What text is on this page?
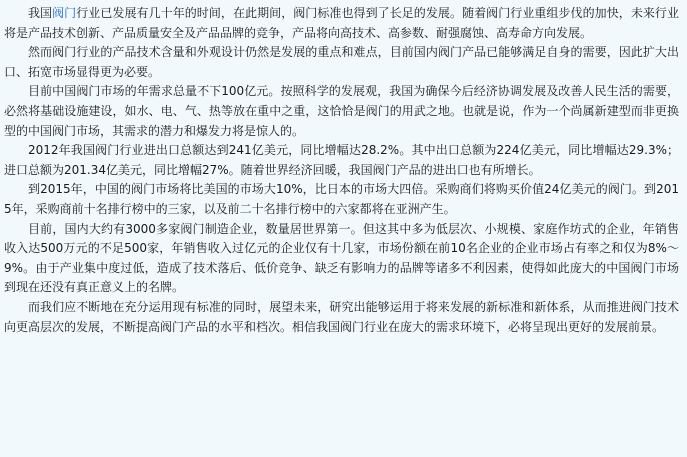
我国阀门行业已发展有几十年的时间，在此期间，阀门标准也得到了长足的发展。随着阀门行业重组步伐的加快，未来行业将是产品技术创新、产品质量安全及产品品牌的竞争，产品将向高技术、高参数、耐强腐蚀、高寿命方向发展。

然而阀门行业的产品技术含量和外观设计仍然是发展的重点和难点，目前国内阀门产品已能够满足自身的需要，因此扩大出口、拓宽市场显得更为必要。

目前中国阀门市场的年需求总量不下100亿元。按照科学的发展观，我国为确保今后经济协调发展及改善人民生活的需要，必然将基础设施建设，如水、电、气、热等放在重中之重，这恰恰是阀门的用武之地。也就是说，作为一个尚属新建型而非更换型的中国阀门市场，其需求的潜力和爆发力将是惊人的。

2012年我国阀门行业进出口总额达到241亿美元，同比增幅达28.2%。其中出口总额为224亿美元，同比增幅达29.3%；进口总额为201.34亿美元，同比增幅27%。随着世界经济回暖，我国阀门产品的进出口也有所增长。

到2015年，中国的阀门市场将比美国的市场大10%，比日本的市场大四倍。采购商们将购买价值24亿美元的阀门。到2015年，采购商前十名排行榜中的三家，以及前二十名排行榜中的六家都将在亚洲产生。

目前，国内大约有3000多家阀门制造企业，数量居世界第一。但这其中多为低层次、小规模、家庭作坊式的企业，年销售收入达500万元的不足500家，年销售收入过亿元的企业仅有十几家，市场份额在前10名企业的企业市场占有率之和仅为8%～9%。由于产业集中度过低，造成了技术落后、低价竞争、缺乏有影响力的品牌等诸多不利因素，使得如此庞大的中国阀门市场到现在还没有真正意义上的名牌。

而我们应不断地在充分运用现有标准的同时，展望未来，研究出能够运用于将来发展的新标准和新体系，从而推进阀门技术向更高层次的发展，不断提高阀门产品的水平和档次。相信我国阀门行业在庞大的需求环境下，必将呈现出更好的发展前景。
